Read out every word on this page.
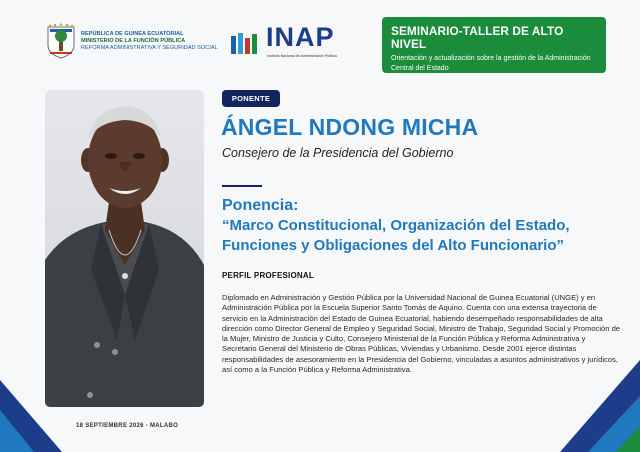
REPÚBLICA DE GUINEA ECUATORIAL
MINISTERIO DE LA FUNCIÓN PÚBLICA
REFORMA ADMINISTRATIVA Y SEGURIDAD SOCIAL INAP
Instituto Nacional de Administración Pública
SEMINARIO-TALLER DE ALTO NIVEL
Orientación y actualización sobre la gestión de la Administración Central del Estado
PONENTE
ÁNGEL NDONG MICHA
Consejero de la Presidencia del Gobierno
Ponencia:
“Marco Constitucional, Organización del Estado, Funciones y Obligaciones del Alto Funcionario”
PERFIL PROFESIONAL
Diplomado en Administración y Gestión Pública por la Universidad Nacional de Guinea Ecuatorial (UNGE) y en Administración Pública por la Escuela Superior Santo Tomás de Aquino. Cuenta con una extensa trayectoria de servicio en la Administración del Estado de Guinea Ecuatorial, habiendo desempeñado responsabilidades de alta dirección como Director General de Empleo y Seguridad Social, Ministro de Trabajo, Seguridad Social y Promoción de la Mujer, Ministro de Justicia y Culto, Consejero Ministerial de la Función Pública y Reforma Administrativa y Secretario General del Ministerio de Obras Públicas, Viviendas y Urbanismo. Desde 2001 ejerce distintas responsabilidades de asesoramiento en la Presidencia del Gobierno, vinculadas a asuntos administrativos y jurídicos, así como a la Función Pública y Reforma Administrativa.
18 SEPTIEMBRE 2026 - MALABO
